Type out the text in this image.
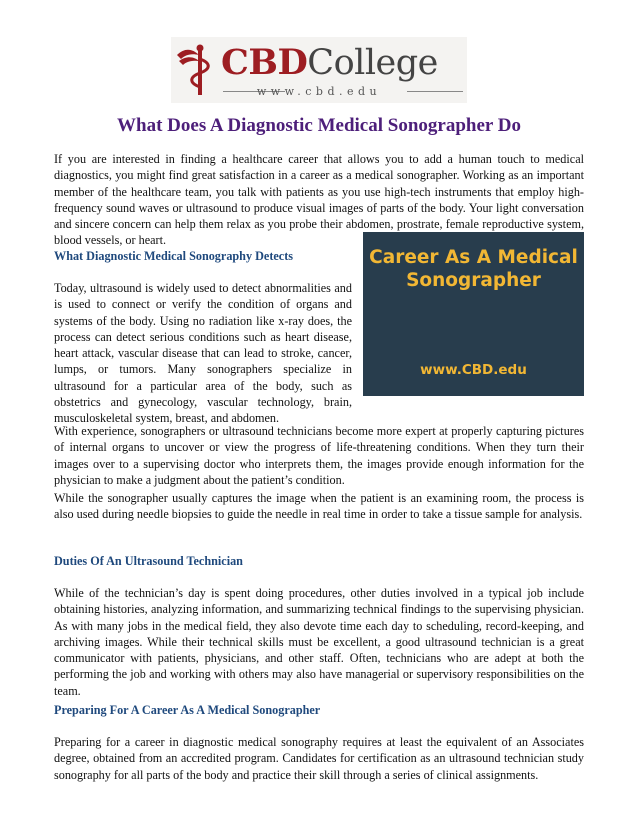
CBDCollege
www.cbd.edu
What Does A Diagnostic Medical Sonographer Do

If you are interested in finding a healthcare career that allows you to add a human touch to medical diagnostics, you might find great satisfaction in a career as a medical sonographer. Working as an important member of the healthcare team, you talk with patients as you use high-tech instruments that employ high-frequency sound waves or ultrasound to produce visual images of parts of the body. Your light conversation and sincere concern can help them relax as you probe their abdomen, prostrate, female reproductive system, blood vessels, or heart.

What Diagnostic Medical Sonography Detects

Today, ultrasound is widely used to detect abnormalities and is used to connect or verify the condition of organs and systems of the body. Using no radiation like x-ray does, the process can detect serious conditions such as heart disease, heart attack, vascular disease that can lead to stroke, cancer, lumps, or tumors. Many sonographers specialize in ultrasound for a particular area of the body, such as obstetrics and gynecology, vascular technology, brain, musculoskeletal system, breast, and abdomen.

Career As A Medical Sonographer
www.CBD.edu

With experience, sonographers or ultrasound technicians become more expert at properly capturing pictures of internal organs to uncover or view the progress of life-threatening conditions. When they turn their images over to a supervising doctor who interprets them, the images provide enough information for the physician to make a judgment about the patient’s condition.

While the sonographer usually captures the image when the patient is an examining room, the process is also used during needle biopsies to guide the needle in real time in order to take a tissue sample for analysis.

Duties Of An Ultrasound Technician

While of the technician’s day is spent doing procedures, other duties involved in a typical job include obtaining histories, analyzing information, and summarizing technical findings to the supervising physician. As with many jobs in the medical field, they also devote time each day to scheduling, record-keeping, and archiving images. While their technical skills must be excellent, a good ultrasound technician is a great communicator with patients, physicians, and other staff. Often, technicians who are adept at both the performing the job and working with others may also have managerial or supervisory responsibilities on the team.

Preparing For A Career As A Medical Sonographer

Preparing for a career in diagnostic medical sonography requires at least the equivalent of an Associates degree, obtained from an accredited program. Candidates for certification as an ultrasound technician study sonography for all parts of the body and practice their skill through a series of clinical assignments.
